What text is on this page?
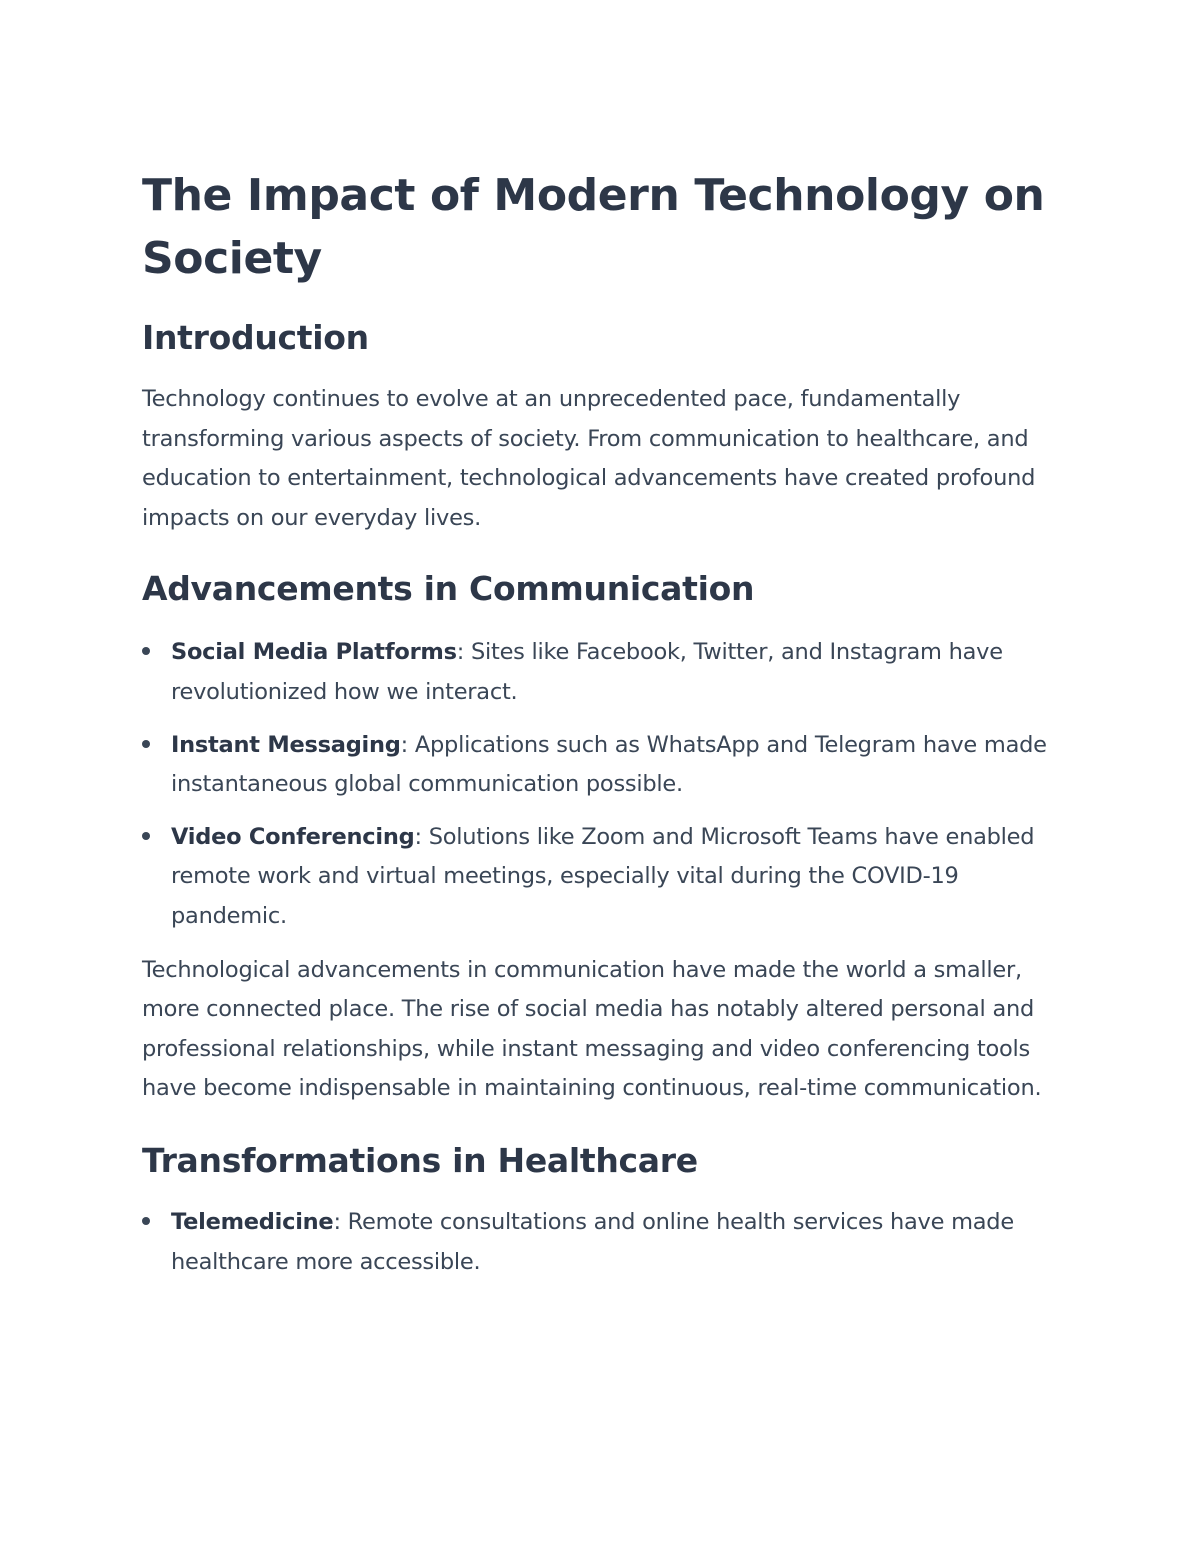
The Impact of Modern Technology on Society
Introduction

Technology continues to evolve at an unprecedented pace, fundamentally transforming various aspects of society. From communication to healthcare, and education to entertainment, technological advancements have created profound impacts on our everyday lives.

Advancements in Communication
Social Media Platforms: Sites like Facebook, Twitter, and Instagram have revolutionized how we interact.
Instant Messaging: Applications such as WhatsApp and Telegram have made instantaneous global communication possible.
Video Conferencing: Solutions like Zoom and Microsoft Teams have enabled remote work and virtual meetings, especially vital during the COVID-19 pandemic.

Technological advancements in communication have made the world a smaller, more connected place. The rise of social media has notably altered personal and professional relationships, while instant messaging and video conferencing tools have become indispensable in maintaining continuous, real-time communication.

Transformations in Healthcare
Telemedicine: Remote consultations and online health services have made healthcare more accessible.
